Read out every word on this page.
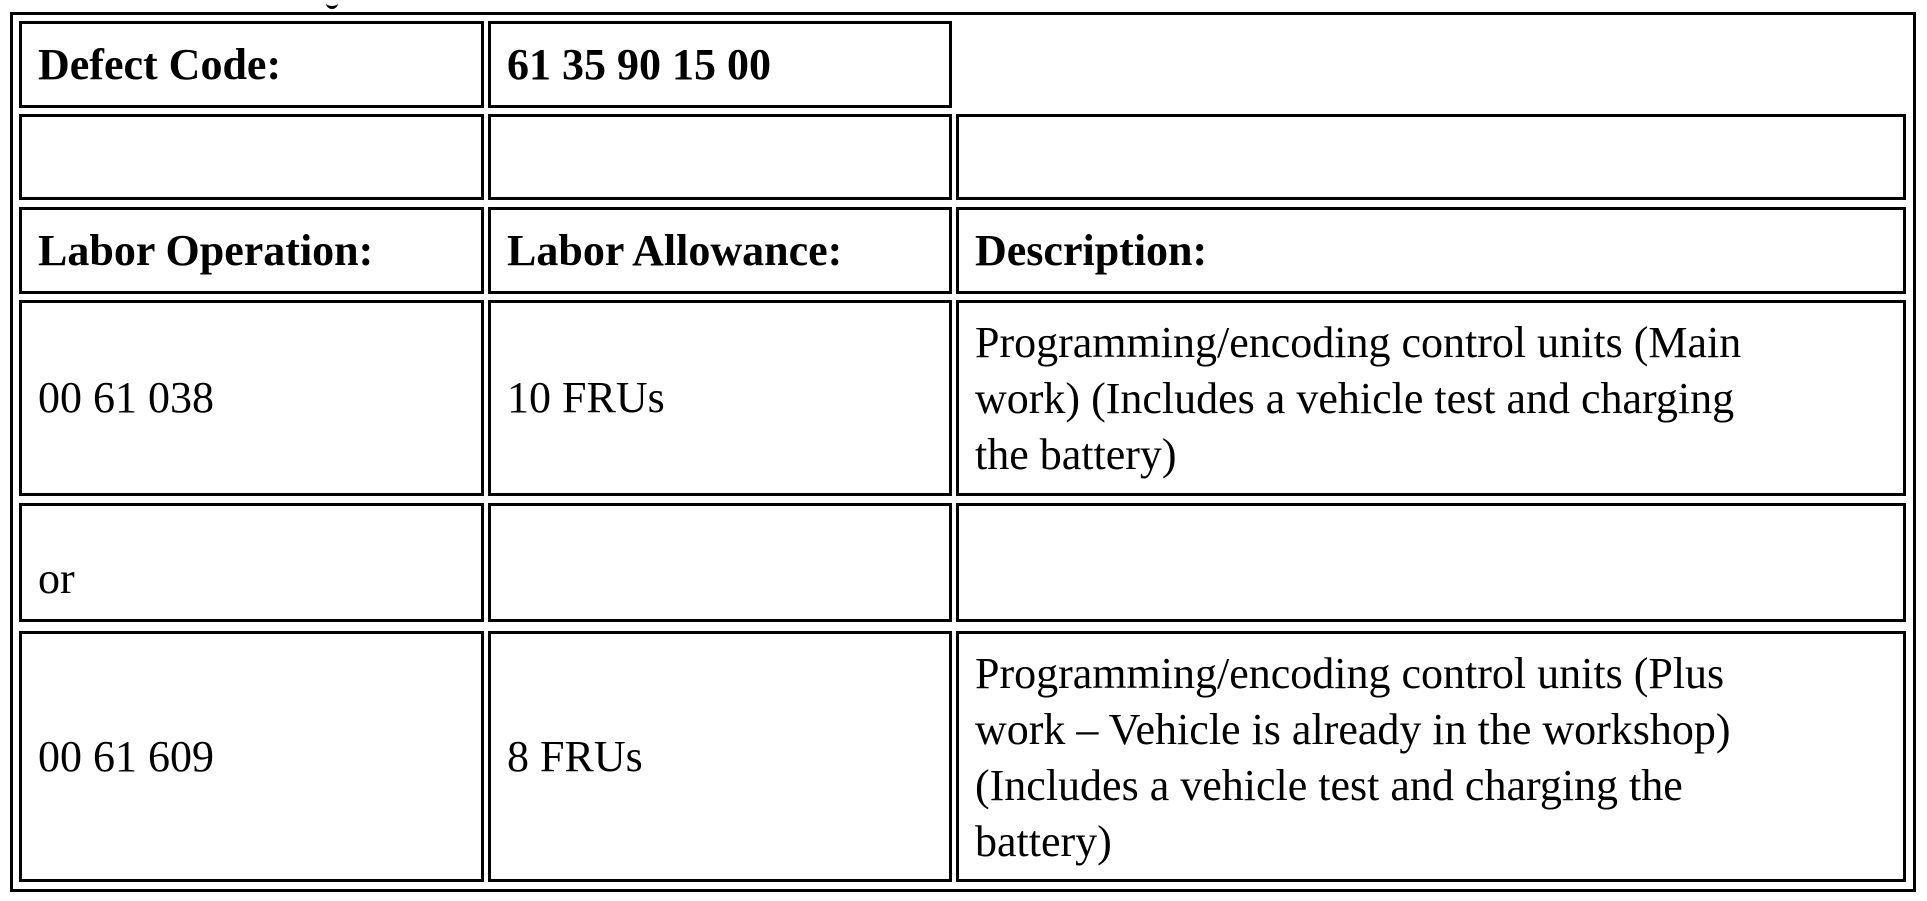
Defect Code:	61 35 90 15 00
Labor Operation:	Labor Allowance:	Description:
00 61 038	10 FRUs
Programming/encoding control units (Main
work) (Includes a vehicle test and charging
the battery)
or
00 61 609	8 FRUs
Programming/encoding control units (Plus
work – Vehicle is already in the workshop)
(Includes a vehicle test and charging the
battery)
